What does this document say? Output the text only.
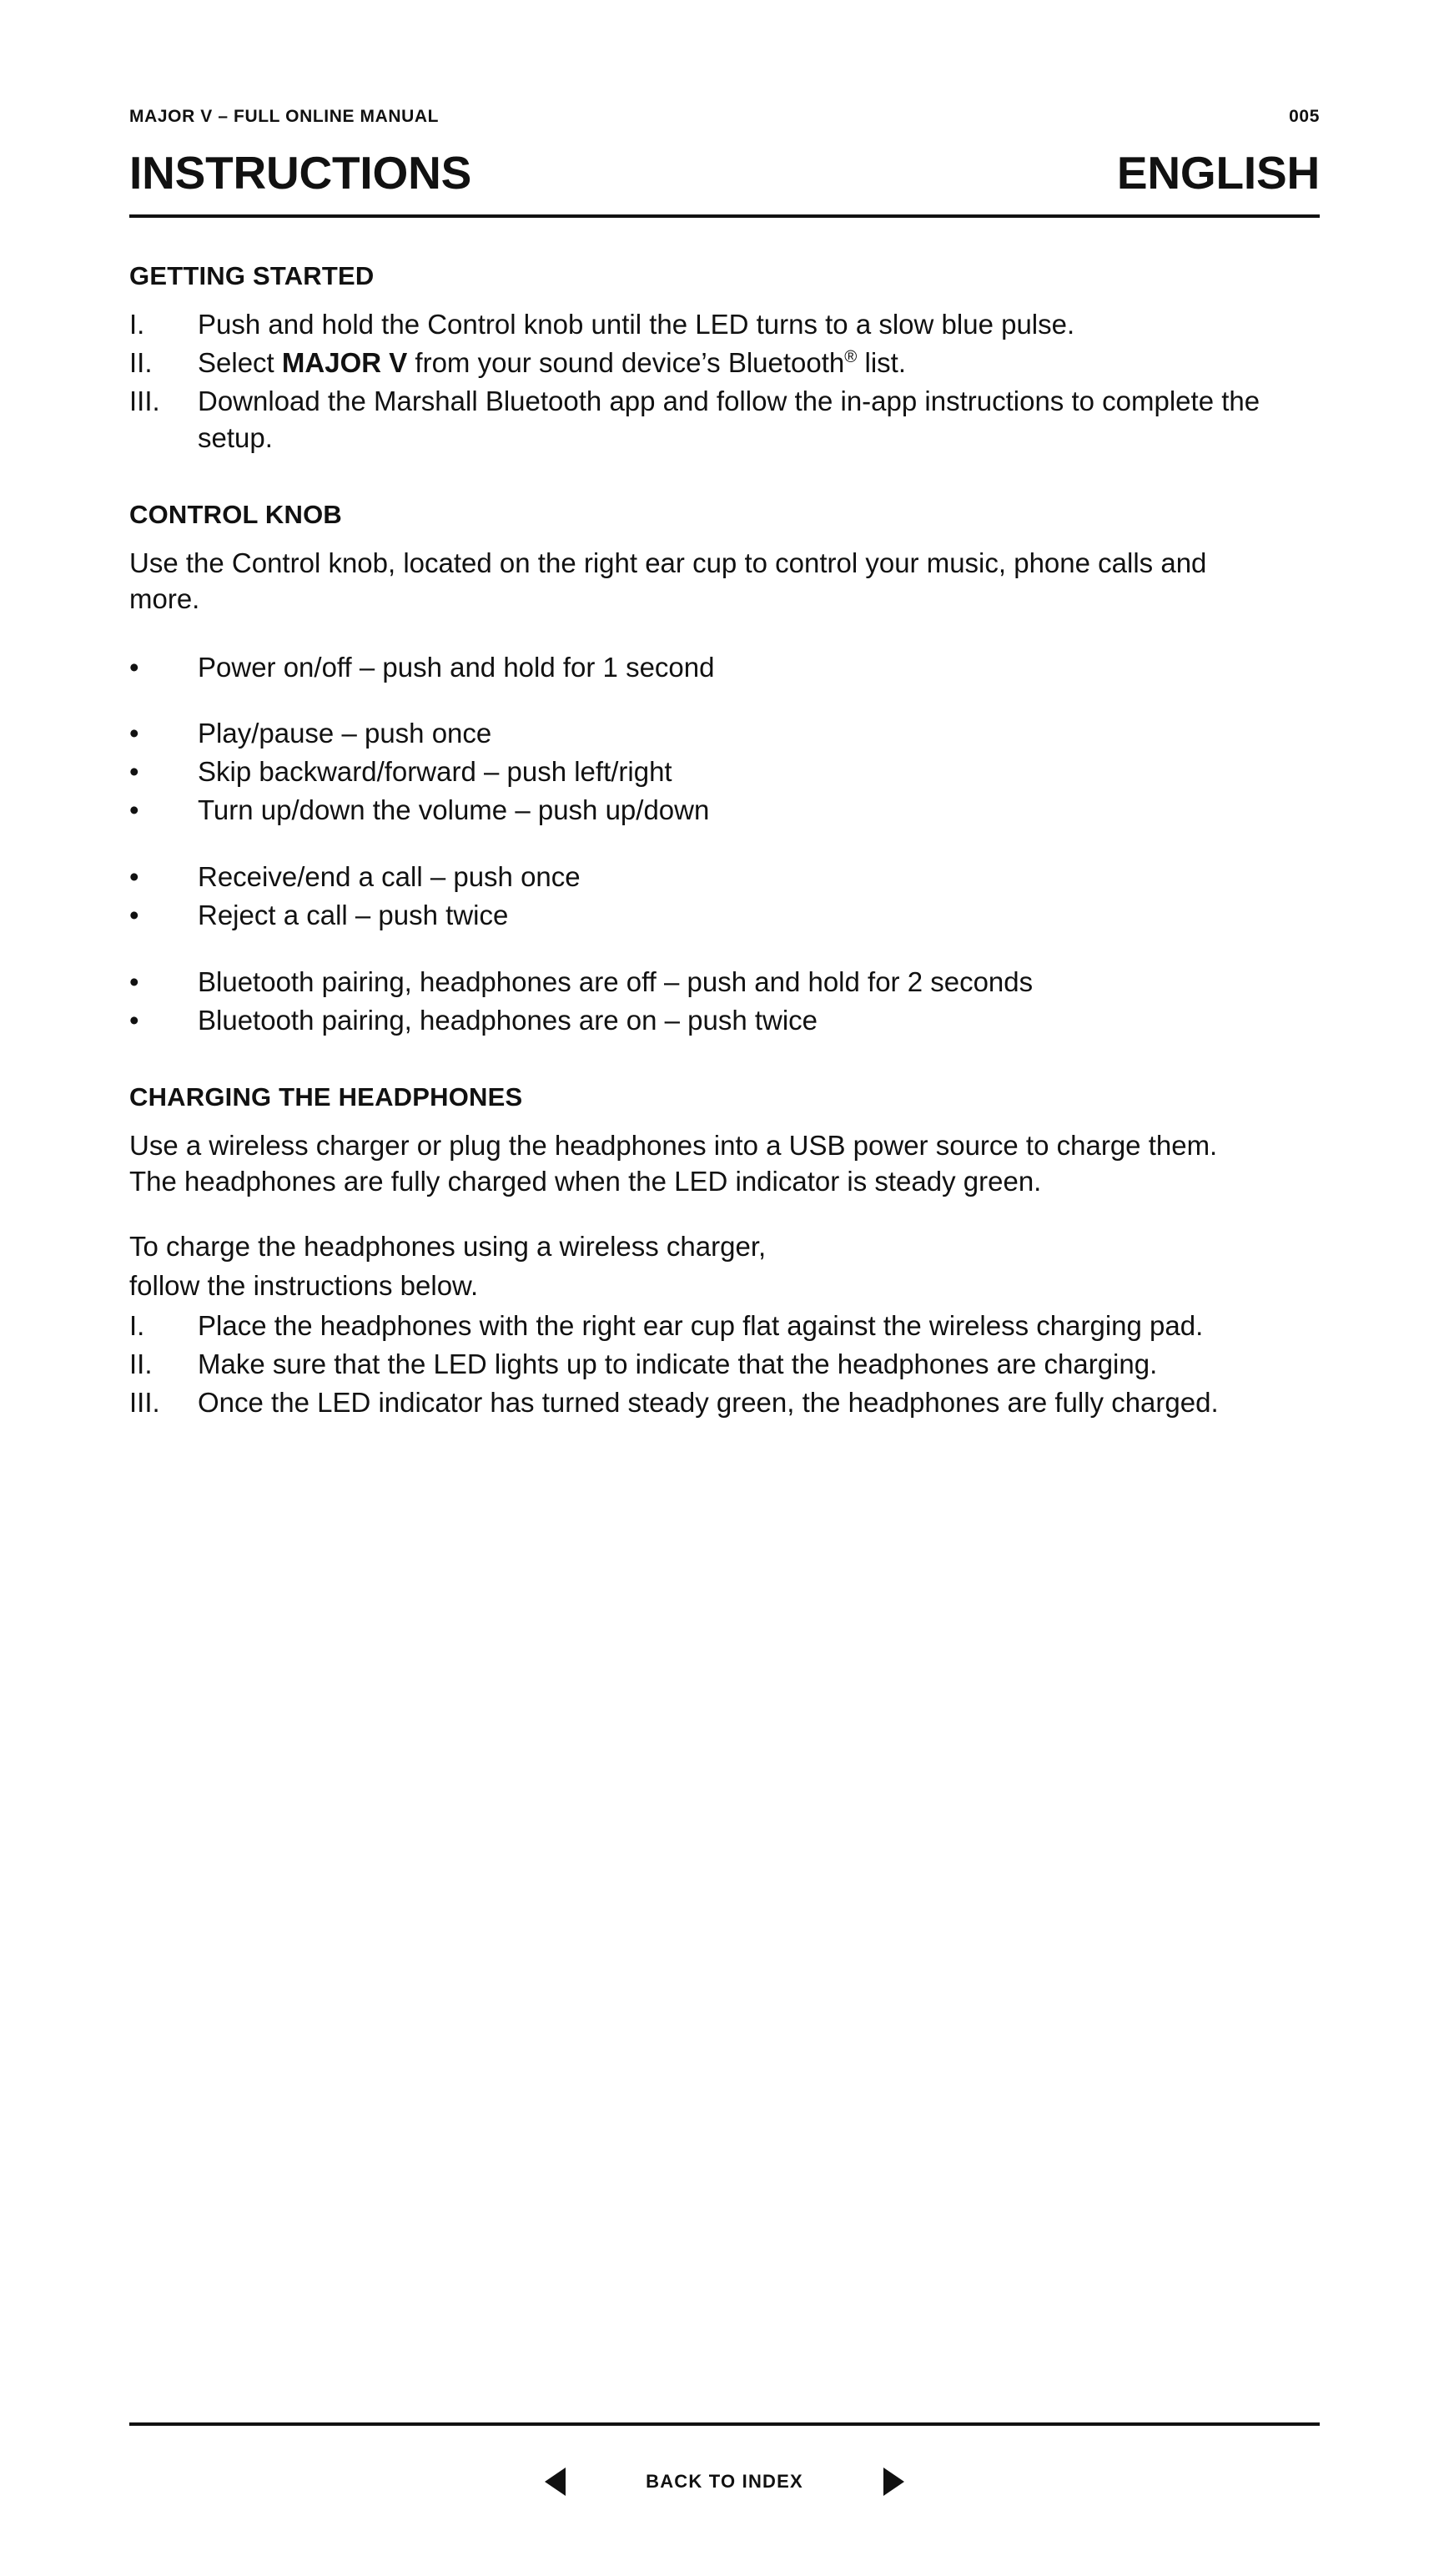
MAJOR V – FULL ONLINE MANUAL	005
INSTRUCTIONS	ENGLISH
GETTING STARTED
I.	Push and hold the Control knob until the LED turns to a slow blue pulse.
II.	Select MAJOR V from your sound device’s Bluetooth® list.
III.	Download the Marshall Bluetooth app and follow the in-app instructions to complete the setup.
CONTROL KNOB

Use the Control knob, located on the right ear cup to control your music, phone calls and more.

•	Power on/off – push and hold for 1 second
•	Play/pause – push once
•	Skip backward/forward – push left/right
•	Turn up/down the volume – push up/down
•	Receive/end a call – push once
•	Reject a call – push twice
•	Bluetooth pairing, headphones are off – push and hold for 2 seconds
•	Bluetooth pairing, headphones are on – push twice
CHARGING THE HEADPHONES

Use a wireless charger or plug the headphones into a USB power source to charge them. The headphones are fully charged when the LED indicator is steady green.

To charge the headphones using a wireless charger,

follow the instructions below.

I.	Place the headphones with the right ear cup flat against the wireless charging pad.
II.	Make sure that the LED lights up to indicate that the headphones are charging.
III.	Once the LED indicator has turned steady green, the headphones are fully charged.
BACK TO INDEX
